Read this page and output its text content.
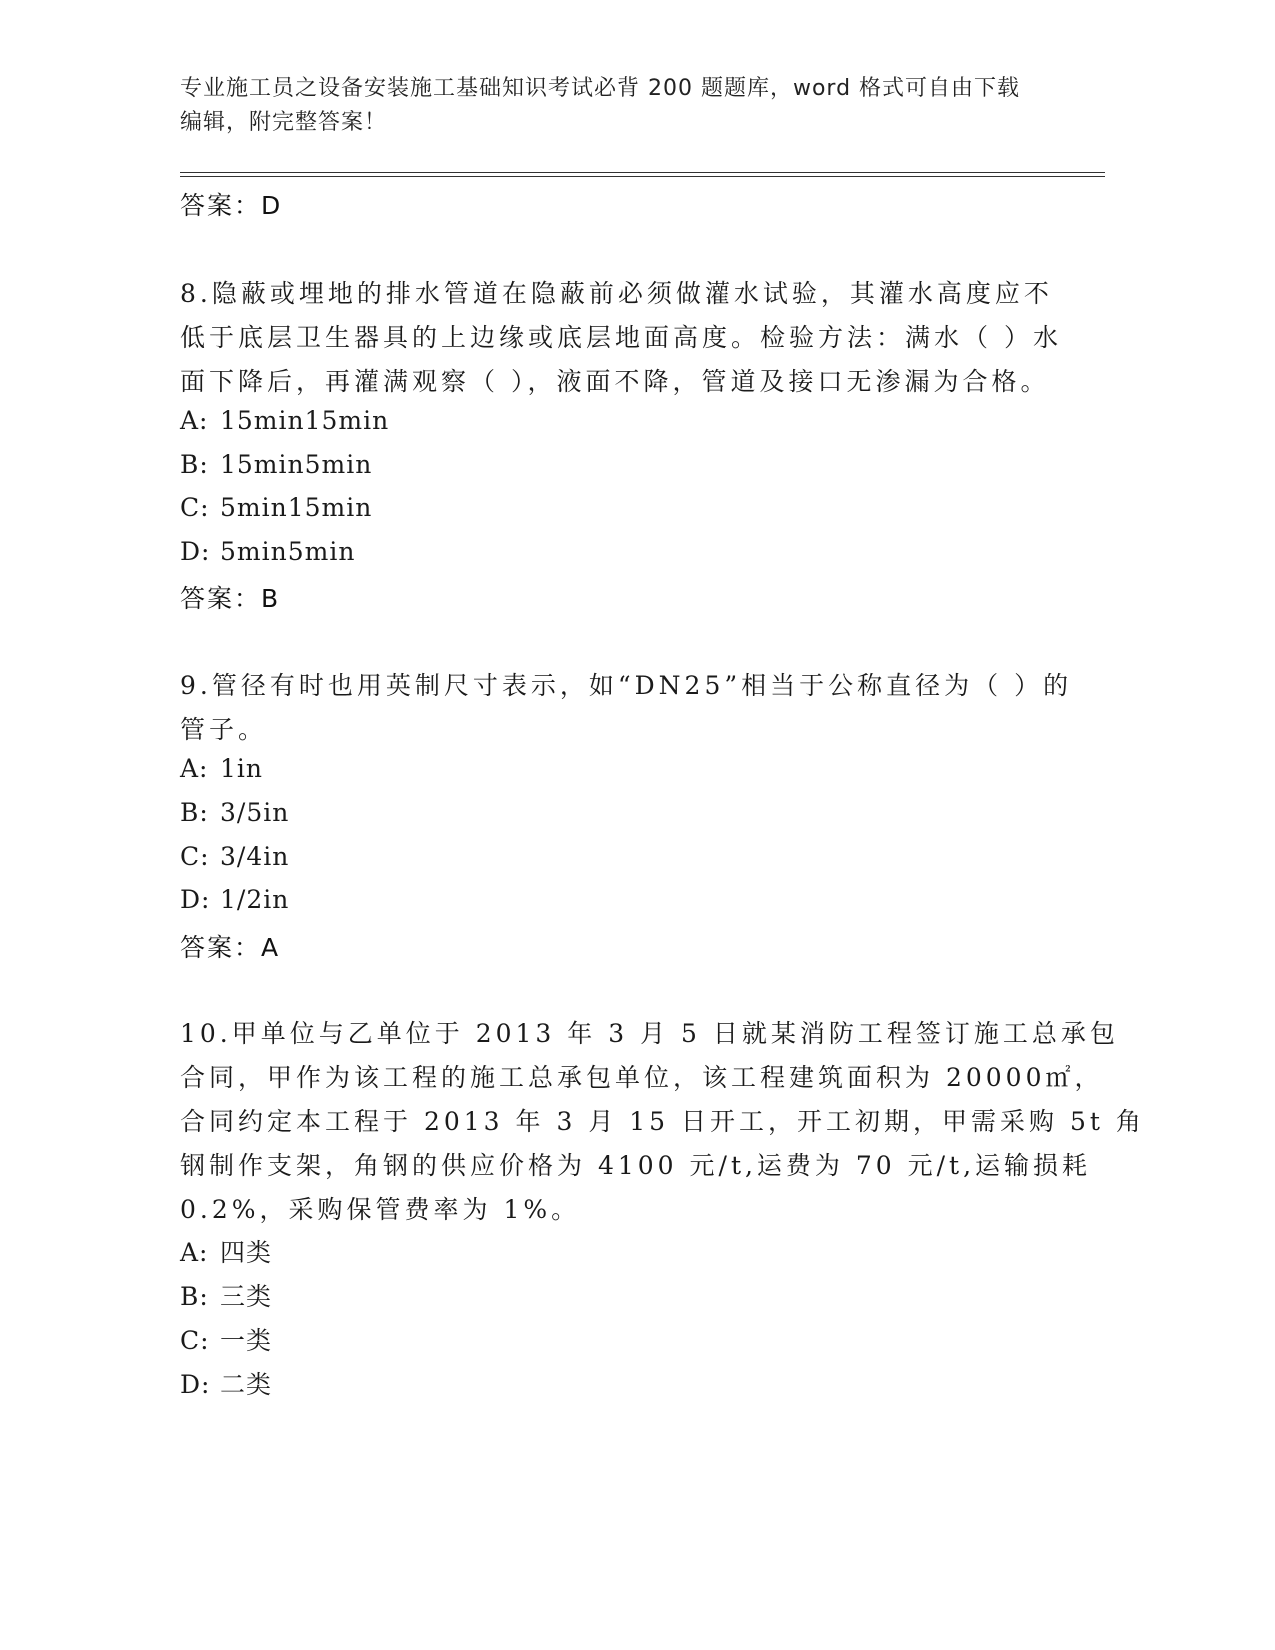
专业施工员之设备安装施工基础知识考试必背 200 题题库，word 格式可自由下载
编辑，附完整答案！
答案：D
8.隐蔽或埋地的排水管道在隐蔽前必须做灌水试验，其灌水高度应不
低于底层卫生器具的上边缘或底层地面高度。检验方法：满水（ ）水
面下降后，再灌满观察（ ），液面不降，管道及接口无渗漏为合格。
A: 15min15min
B: 15min5min
C: 5min15min
D: 5min5min
答案：B
9.管径有时也用英制尺寸表示，如“DN25”相当于公称直径为（ ）的
管子。
A: 1in
B: 3/5in
C: 3/4in
D: 1/2in
答案：A
10.甲单位与乙单位于 2013 年 3 月 5 日就某消防工程签订施工总承包
合同，甲作为该工程的施工总承包单位，该工程建筑面积为 20000㎡，
合同约定本工程于 2013 年 3 月 15 日开工，开工初期，甲需采购 5t 角
钢制作支架，角钢的供应价格为 4100 元/t,运费为 70 元/t,运输损耗
0.2%，采购保管费率为 1%。
A: 四类
B: 三类
C: 一类
D: 二类
